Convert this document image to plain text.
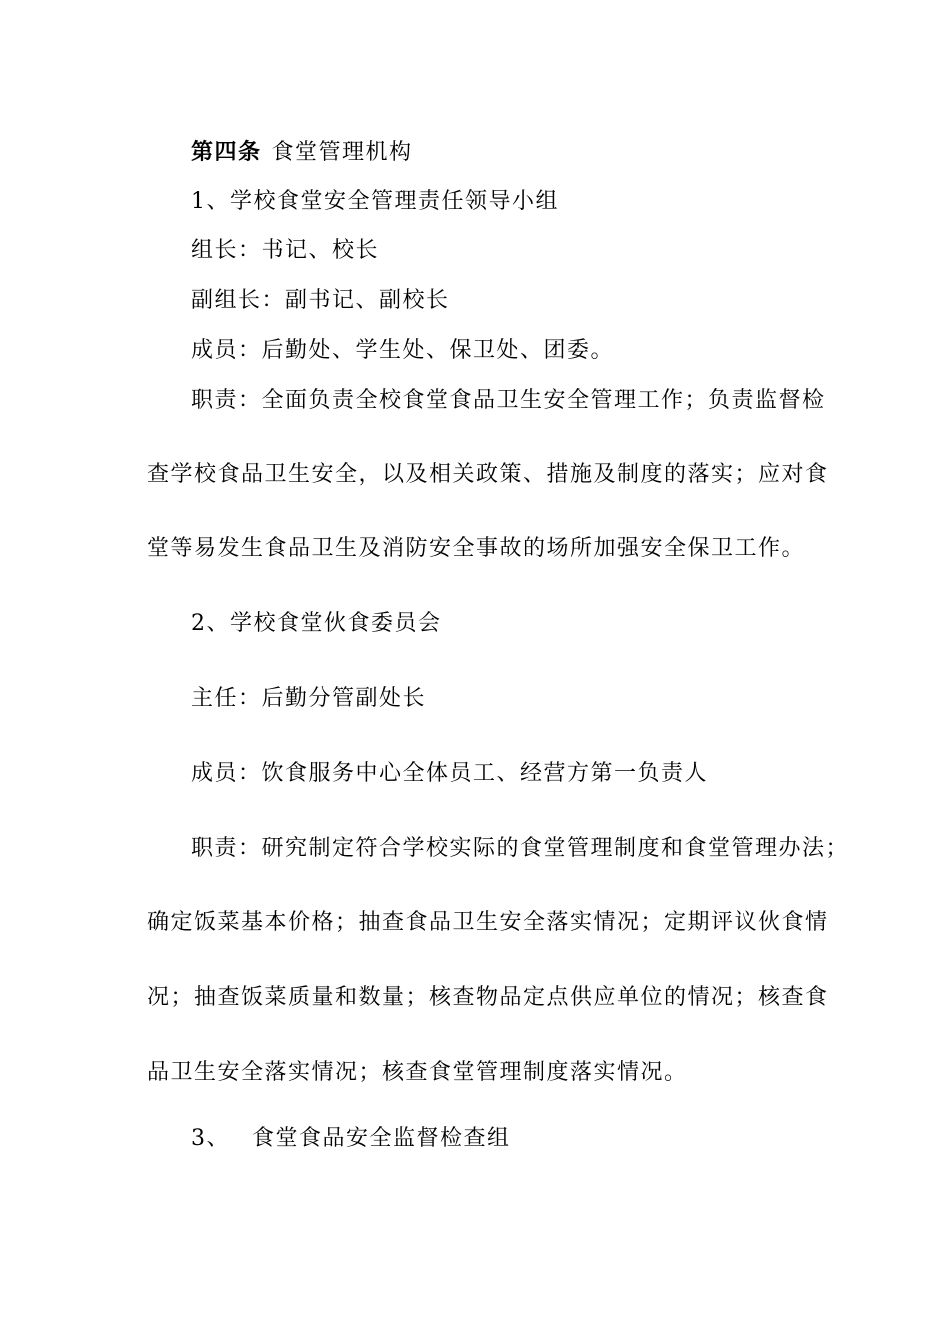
第四条 食堂管理机构
1、学校食堂安全管理责任领导小组
组长：书记、校长
副组长：副书记、副校长
成员：后勤处、学生处、保卫处、团委。
职责：全面负责全校食堂食品卫生安全管理工作；负责监督检
查学校食品卫生安全，以及相关政策、措施及制度的落实；应对食
堂等易发生食品卫生及消防安全事故的场所加强安全保卫工作。
2、学校食堂伙食委员会
主任：后勤分管副处长
成员：饮食服务中心全体员工、经营方第一负责人
职责：研究制定符合学校实际的食堂管理制度和食堂管理办法；
确定饭菜基本价格；抽查食品卫生安全落实情况；定期评议伙食情
况；抽查饭菜质量和数量；核查物品定点供应单位的情况；核查食
品卫生安全落实情况；核查食堂管理制度落实情况。
3、 食堂食品安全监督检查组
